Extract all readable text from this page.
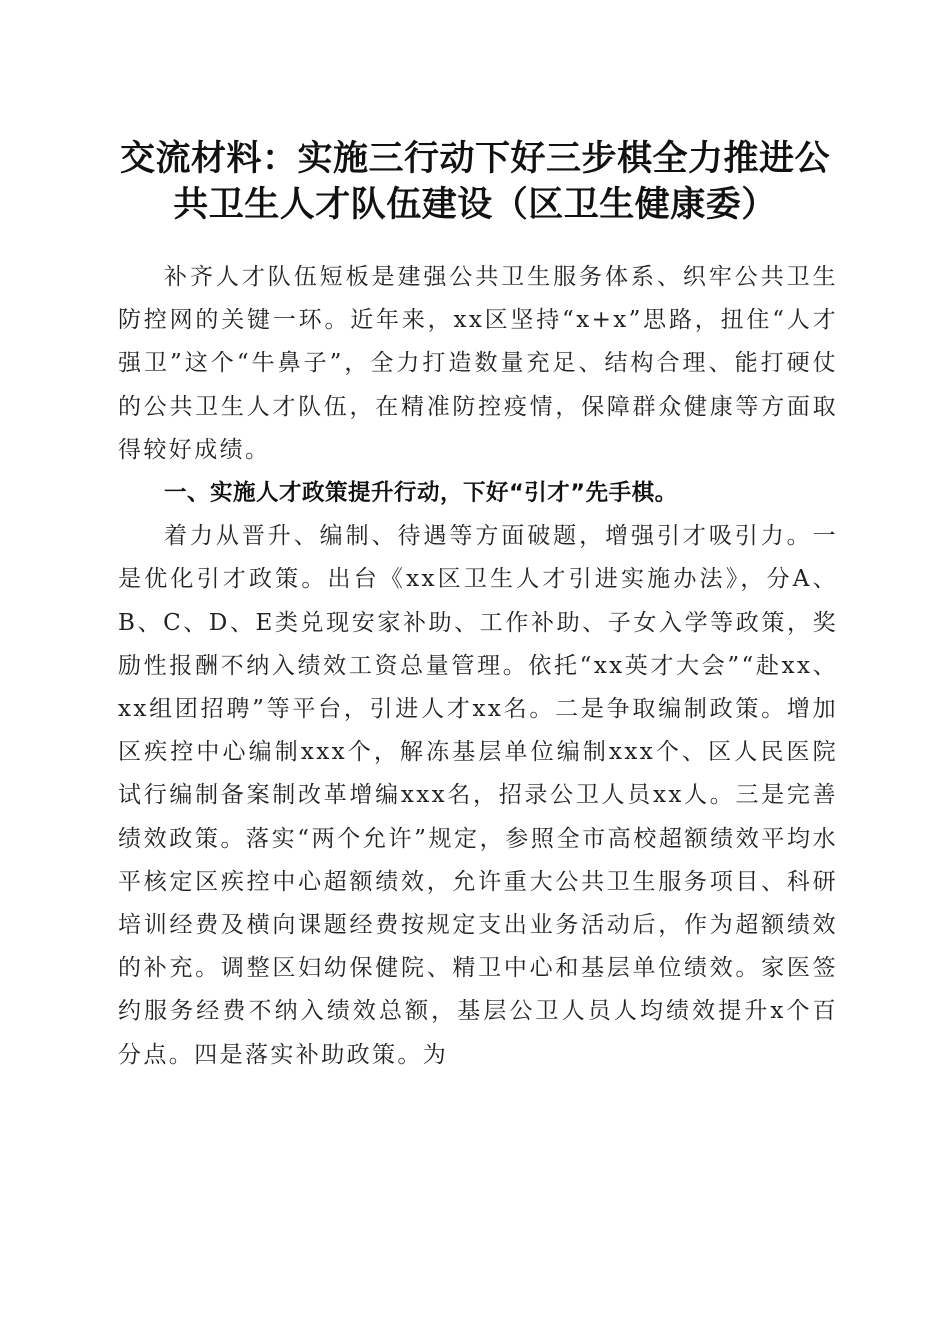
交流材料：实施三行动下好三步棋全力推进公
共卫生人才队伍建设（区卫生健康委）

补齐人才队伍短板是建强公共卫生服务体系、织牢公共卫生防控网的关键一环。近年来，xx区坚持“x+x”思路，扭住“人才强卫”这个“牛鼻子”，全力打造数量充足、结构合理、能打硬仗的公共卫生人才队伍，在精准防控疫情，保障群众健康等方面取得较好成绩。

一、实施人才政策提升行动，下好“引才”先手棋。

着力从晋升、编制、待遇等方面破题，增强引才吸引力。一是优化引才政策。出台《xx区卫生人才引进实施办法》，分A、B、C、D、E类兑现安家补助、工作补助、子女入学等政策，奖励性报酬不纳入绩效工资总量管理。依托“xx英才大会”“赴xx、xx组团招聘”等平台，引进人才xx名。二是争取编制政策。增加区疾控中心编制xxx个，解冻基层单位编制xxx个、区人民医院试行编制备案制改革增编xxx名，招录公卫人员xx人。三是完善绩效政策。落实“两个允许”规定，参照全市高校超额绩效平均水平核定区疾控中心超额绩效，允许重大公共卫生服务项目、科研培训经费及横向课题经费按规定支出业务活动后，作为超额绩效的补充。调整区妇幼保健院、精卫中心和基层单位绩效。家医签约服务经费不纳入绩效总额，基层公卫人员人均绩效提升x个百分点。四是落实补助政策。为
